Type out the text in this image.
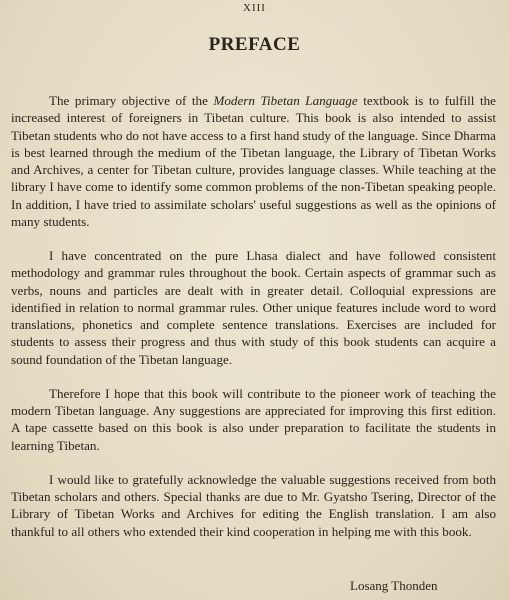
XIII
PREFACE

The primary objective of the Modern Tibetan Language textbook is to fulfill the increased interest of foreigners in Tibetan culture. This book is also intended to assist Tibetan students who do not have access to a first hand study of the language. Since Dharma is best learned through the medium of the Tibetan language, the Library of Tibetan Works and Archives, a center for Tibetan culture, provides language classes. While teaching at the library I have come to identify some common problems of the non-Tibetan speaking people. In addition, I have tried to assimilate scholars' useful suggestions as well as the opinions of many students.

I have concentrated on the pure Lhasa dialect and have followed consistent methodology and grammar rules throughout the book. Certain aspects of grammar such as verbs, nouns and particles are dealt with in greater detail. Colloquial expressions are identified in relation to normal grammar rules. Other unique features include word to word translations, phonetics and complete sentence translations. Exercises are included for students to assess their progress and thus with study of this book students can acquire a sound foundation of the Tibetan language.

Therefore I hope that this book will contribute to the pioneer work of teaching the modern Tibetan language. Any suggestions are appreciated for improving this first edition. A tape cassette based on this book is also under preparation to facilitate the students in learning Tibetan.

I would like to gratefully acknowledge the valuable suggestions received from both Tibetan scholars and others. Special thanks are due to Mr. Gyatsho Tsering, Director of the Library of Tibetan Works and Archives for editing the English translation. I am also thankful to all others who extended their kind cooperation in helping me with this book.

Losang Thonden
